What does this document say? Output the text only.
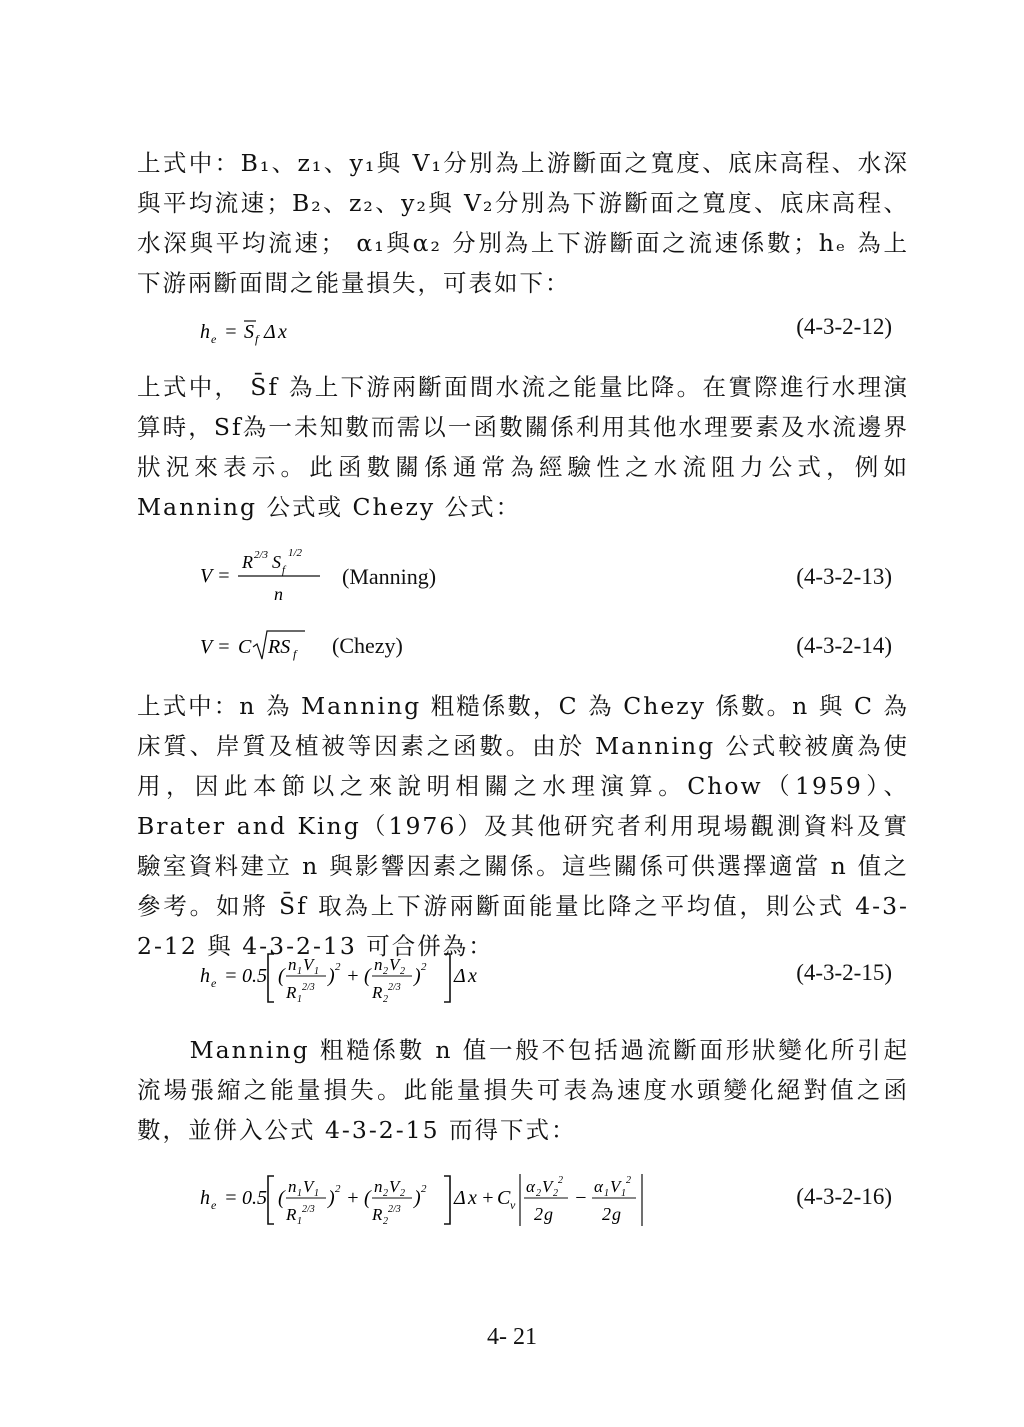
上式中：B₁、z₁、y₁與 V₁分別為上游斷面之寬度、底床高程、水深與平均流速；B₂、z₂、y₂與 V₂分別為下游斷面之寬度、底床高程、水深與平均流速； α₁與α₂ 分別為上下游斷面之流速係數；hₑ 為上下游兩斷面間之能量損失，可表如下：
h e = S f Δ x	(4-3-2-12)
上式中， S̄f 為上下游兩斷面間水流之能量比降。在實際進行水理演算時，Sf為一未知數而需以一函數關係利用其他水理要素及水流邊界狀況來表示。此函數關係通常為經驗性之水流阻力公式，例如 Manning 公式或 Chezy 公式：
V =
R 2/3 S f
1/2
n
(Manning)	(4-3-2-13)
V = C RS f (Chezy)	(4-3-2-14)
上式中：n 為 Manning 粗糙係數，C 為 Chezy 係數。n 與 C 為床質、岸質及植被等因素之函數。由於 Manning 公式較被廣為使用，因此本節以之來說明相關之水理演算。Chow（1959）、Brater and King（1976）及其他研究者利用現場觀測資料及實驗室資料建立 n 與影響因素之關係。這些關係可供選擇適當 n 值之參考。如將 S̄f 取為上下游兩斷面能量比降之平均值，則公式 4-3-2-12 與 4-3-2-13 可合併為：
h e = 0.5 (
n 1 V 1
R 1
2/3
) 2 + (
n 2 V 2
R 2
2/3
) 2 Δ x	(4-3-2-15)
　　Manning 粗糙係數 n 值一般不包括過流斷面形狀變化所引起流場張縮之能量損失。此能量損失可表為速度水頭變化絕對值之函數，並併入公式 4-3-2-15 而得下式：
h e = 0.5 (
n 1 V 1
R 1
2/3
) 2 + (
n 2 V 2
R 2
2/3
) 2 Δ x + C v
α 2 V 2
2
2 g
−
α 1 V 1
2
2 g
(4-3-2-16)
4- 21
